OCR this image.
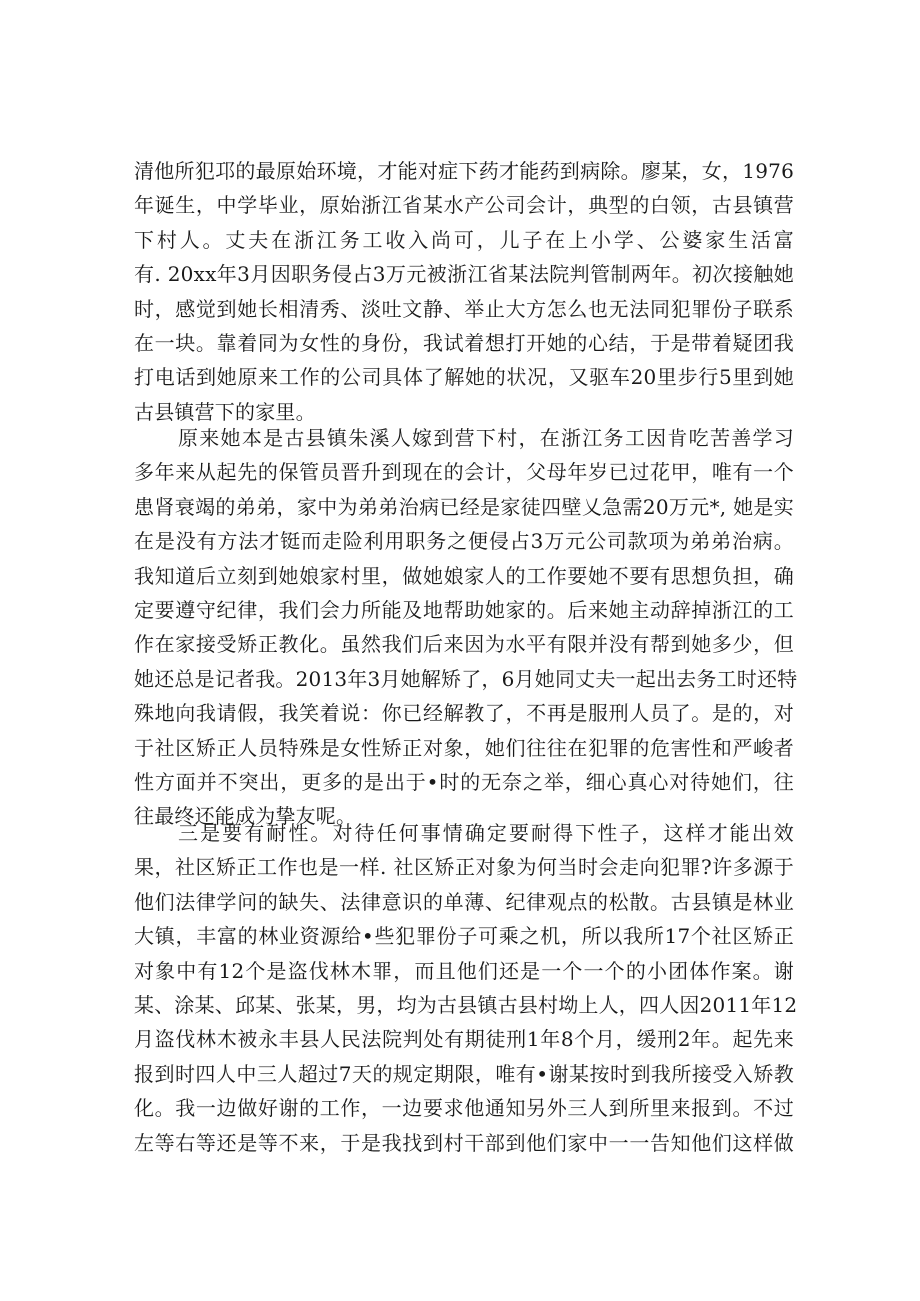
清他所犯邛的最原始环境，才能对症下药才能药到病除。廖某，女，1976
年诞生，中学毕业，原始浙江省某水产公司会计，典型的白领，古县镇营
下村人。丈夫在浙江务工收入尚可，儿子在上小学、公婆家生活富
有. 20xx年3月因职务侵占3万元被浙江省某法院判管制两年。初次接触她
时，感觉到她长相清秀、淡吐文静、举止大方怎么也无法同犯罪份子联系
在一块。靠着同为女性的身份，我试着想打开她的心结，于是带着疑团我
打电话到她原来工作的公司具体了解她的状况，又驱车20里步行5里到她
古县镇营下的家里。
原来她本是古县镇朱溪人嫁到营下村，在浙江务工因肯吃苦善学习
多年来从起先的保管员晋升到现在的会计，父母年岁已过花甲，唯有一个
患肾衰竭的弟弟，家中为弟弟治病已经是家徒四壁乂急需20万元*, 她是实
在是没有方法才铤而走险利用职务之便侵占3万元公司款项为弟弟治病。
我知道后立刻到她娘家村里，做她娘家人的工作要她不要有思想负担，确
定要遵守纪律，我们会力所能及地帮助她家的。后来她主动辞掉浙江的工
作在家接受矫正教化。虽然我们后来因为水平有限并没有帮到她多少，但
她还总是记者我。2013年3月她解矫了，6月她同丈夫一起出去务工时还特
殊地向我请假，我笑着说：你已经解教了，不再是服刑人员了。是的，对
于社区矫正人员特殊是女性矫正对象，她们往往在犯罪的危害性和严峻者
性方面并不突出，更多的是出于•时的无奈之举，细心真心对待她们，往
往最终还能成为挚友呢。
三是要有耐性。对待任何事情确定要耐得下性子，这样才能出效
果，社区矫正工作也是一样. 社区矫正对象为何当时会走向犯罪?许多源于
他们法律学问的缺失、法律意识的单薄、纪律观点的松散。古县镇是林业
大镇，丰富的林业资源给•些犯罪份子可乘之机，所以我所17个社区矫正
对象中有12个是盗伐林木罪，而且他们还是一个一个的小团体作案。谢
某、涂某、邱某、张某，男，均为古县镇古县村坳上人，四人因2011年12
月盗伐林木被永丰县人民法院判处有期徒刑1年8个月，缓刑2年。起先来
报到时四人中三人超过7天的规定期限，唯有•谢某按时到我所接受入矫教
化。我一边做好谢的工作，一边要求他通知另外三人到所里来报到。不过
左等右等还是等不来，于是我找到村干部到他们家中一一告知他们这样做
